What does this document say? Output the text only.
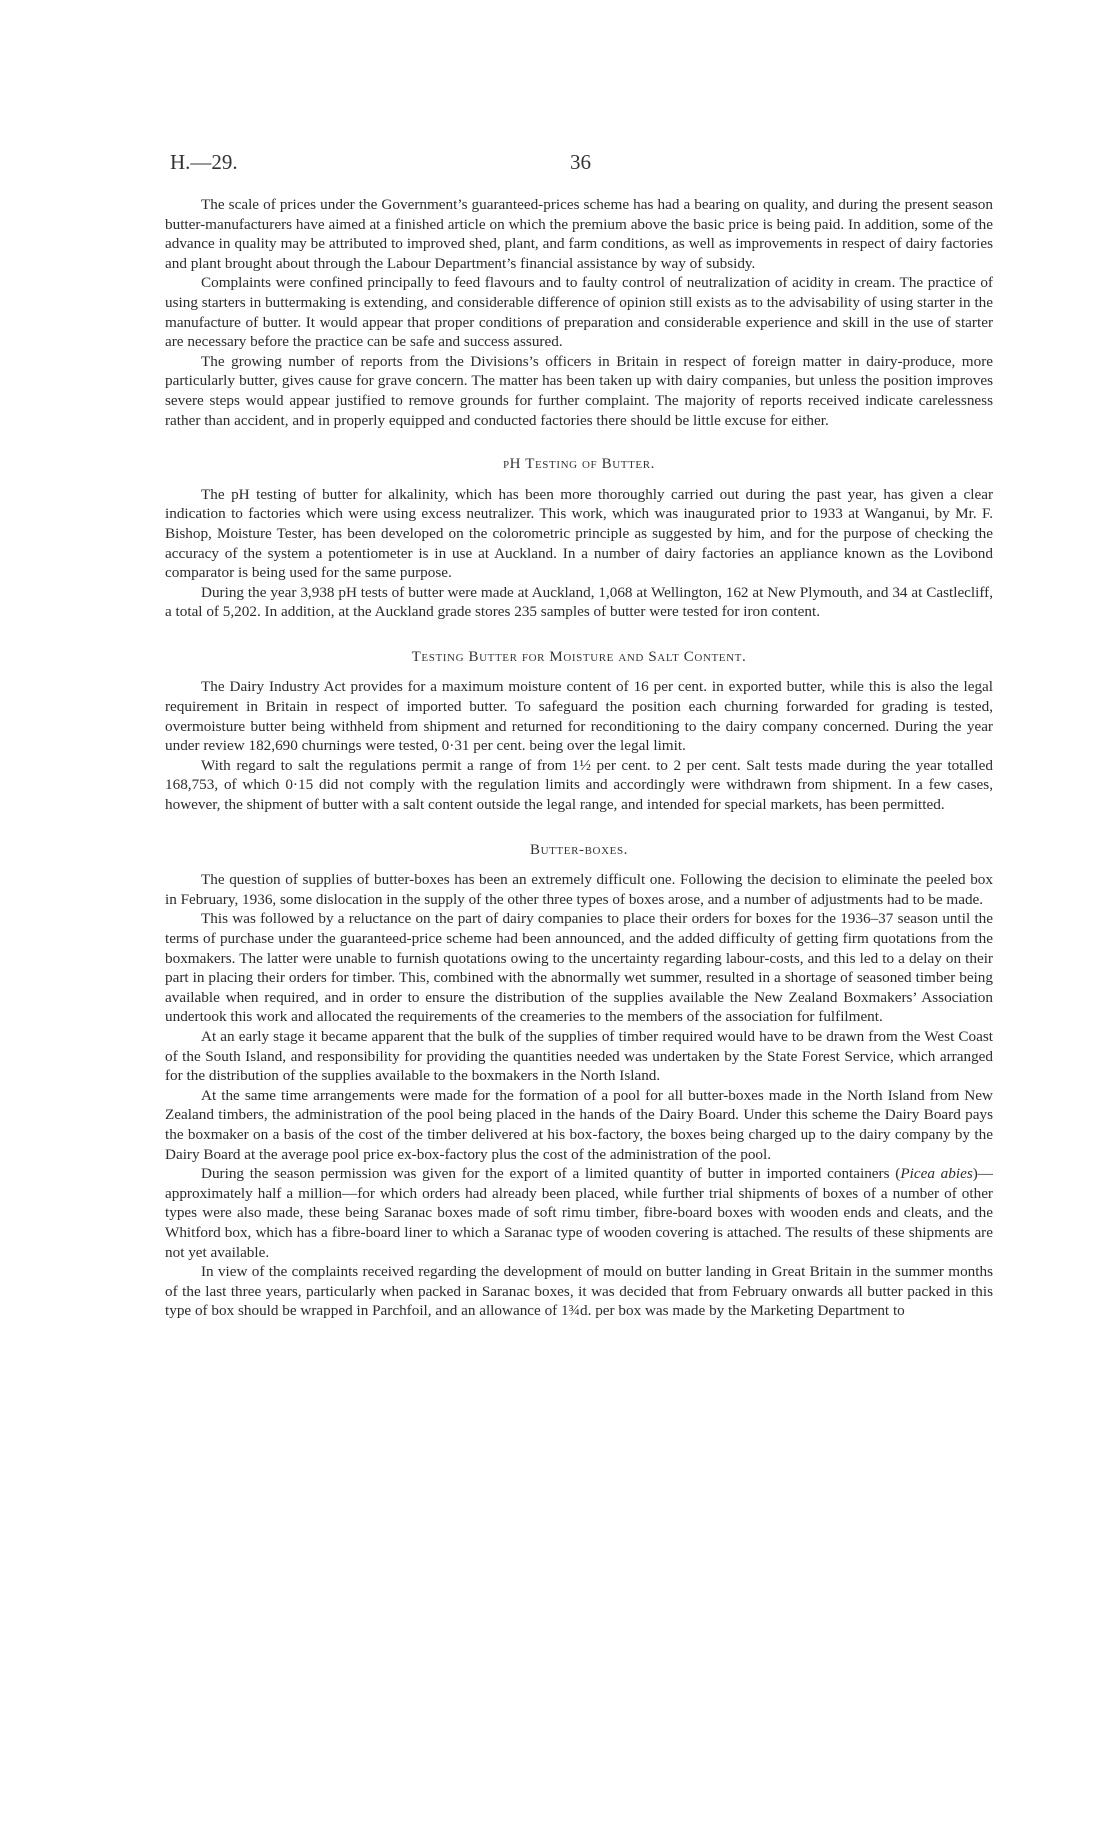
H.—29.	36

The scale of prices under the Government’s guaranteed-prices scheme has had a bearing on quality, and during the present season butter-manufacturers have aimed at a finished article on which the premium above the basic price is being paid. In addition, some of the advance in quality may be attributed to improved shed, plant, and farm conditions, as well as improvements in respect of dairy factories and plant brought about through the Labour Department’s financial assistance by way of subsidy.

Complaints were confined principally to feed flavours and to faulty control of neutralization of acidity in cream. The practice of using starters in buttermaking is extending, and considerable difference of opinion still exists as to the advisability of using starter in the manufacture of butter. It would appear that proper conditions of preparation and considerable experience and skill in the use of starter are necessary before the practice can be safe and success assured.

The growing number of reports from the Divisions’s officers in Britain in respect of foreign matter in dairy-produce, more particularly butter, gives cause for grave concern. The matter has been taken up with dairy companies, but unless the position improves severe steps would appear justified to remove grounds for further complaint. The majority of reports received indicate carelessness rather than accident, and in properly equipped and conducted factories there should be little excuse for either.

pH Testing of Butter.

The pH testing of butter for alkalinity, which has been more thoroughly carried out during the past year, has given a clear indication to factories which were using excess neutralizer. This work, which was inaugurated prior to 1933 at Wanganui, by Mr. F. Bishop, Moisture Tester, has been developed on the colorometric principle as suggested by him, and for the purpose of checking the accuracy of the system a potentiometer is in use at Auckland. In a number of dairy factories an appliance known as the Lovibond comparator is being used for the same purpose.

During the year 3,938 pH tests of butter were made at Auckland, 1,068 at Wellington, 162 at New Plymouth, and 34 at Castlecliff, a total of 5,202. In addition, at the Auckland grade stores 235 samples of butter were tested for iron content.

Testing Butter for Moisture and Salt Content.

The Dairy Industry Act provides for a maximum moisture content of 16 per cent. in exported butter, while this is also the legal requirement in Britain in respect of imported butter. To safeguard the position each churning forwarded for grading is tested, overmoisture butter being withheld from shipment and returned for reconditioning to the dairy company concerned. During the year under review 182,690 churnings were tested, 0·31 per cent. being over the legal limit.

With regard to salt the regulations permit a range of from 1½ per cent. to 2 per cent. Salt tests made during the year totalled 168,753, of which 0·15 did not comply with the regulation limits and accordingly were withdrawn from shipment. In a few cases, however, the shipment of butter with a salt content outside the legal range, and intended for special markets, has been permitted.

Butter-boxes.

The question of supplies of butter-boxes has been an extremely difficult one. Following the decision to eliminate the peeled box in February, 1936, some dislocation in the supply of the other three types of boxes arose, and a number of adjustments had to be made.

This was followed by a reluctance on the part of dairy companies to place their orders for boxes for the 1936–37 season until the terms of purchase under the guaranteed-price scheme had been announced, and the added difficulty of getting firm quotations from the boxmakers. The latter were unable to furnish quotations owing to the uncertainty regarding labour-costs, and this led to a delay on their part in placing their orders for timber. This, combined with the abnormally wet summer, resulted in a shortage of seasoned timber being available when required, and in order to ensure the distribution of the supplies available the New Zealand Boxmakers’ Association undertook this work and allocated the requirements of the creameries to the members of the association for fulfilment.

At an early stage it became apparent that the bulk of the supplies of timber required would have to be drawn from the West Coast of the South Island, and responsibility for providing the quantities needed was undertaken by the State Forest Service, which arranged for the distribution of the supplies available to the boxmakers in the North Island.

At the same time arrangements were made for the formation of a pool for all butter-boxes made in the North Island from New Zealand timbers, the administration of the pool being placed in the hands of the Dairy Board. Under this scheme the Dairy Board pays the boxmaker on a basis of the cost of the timber delivered at his box-factory, the boxes being charged up to the dairy company by the Dairy Board at the average pool price ex-box-factory plus the cost of the administration of the pool.

During the season permission was given for the export of a limited quantity of butter in imported containers (Picea abies)—approximately half a million—for which orders had already been placed, while further trial shipments of boxes of a number of other types were also made, these being Saranac boxes made of soft rimu timber, fibre-board boxes with wooden ends and cleats, and the Whitford box, which has a fibre-board liner to which a Saranac type of wooden covering is attached. The results of these shipments are not yet available.

In view of the complaints received regarding the development of mould on butter landing in Great Britain in the summer months of the last three years, particularly when packed in Saranac boxes, it was decided that from February onwards all butter packed in this type of box should be wrapped in Parchfoil, and an allowance of 1¾d. per box was made by the Marketing Department to
